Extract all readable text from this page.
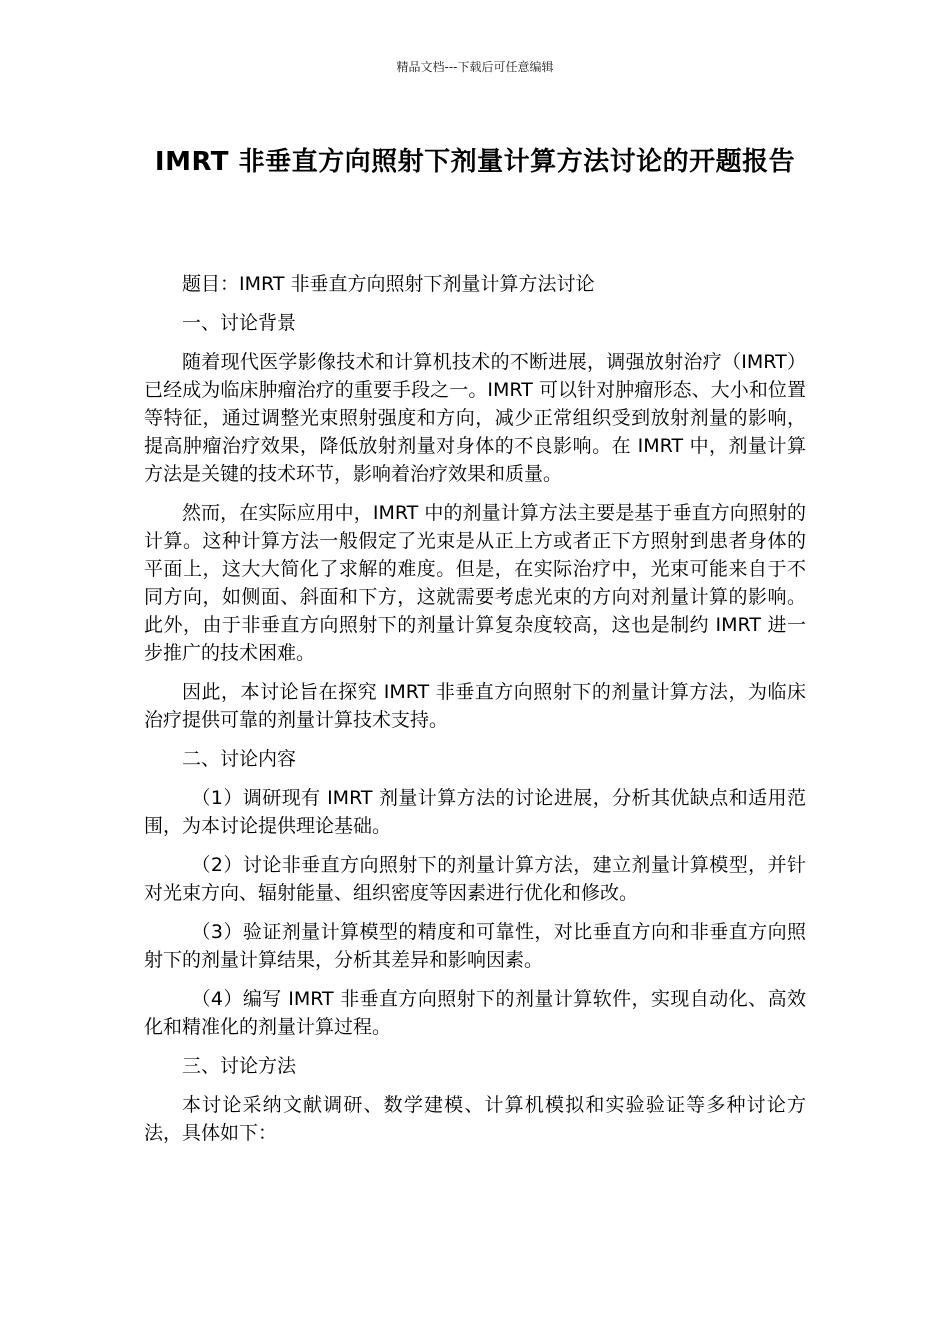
精品文档---下载后可任意编辑
IMRT 非垂直方向照射下剂量计算方法讨论的开题报告

题目：IMRT 非垂直方向照射下剂量计算方法讨论

一、讨论背景

随着现代医学影像技术和计算机技术的不断进展，调强放射治疗（IMRT）已经成为临床肿瘤治疗的重要手段之一。IMRT 可以针对肿瘤形态、大小和位置等特征，通过调整光束照射强度和方向，减少正常组织受到放射剂量的影响，提高肿瘤治疗效果，降低放射剂量对身体的不良影响。在 IMRT 中，剂量计算方法是关键的技术环节，影响着治疗效果和质量。

然而，在实际应用中，IMRT 中的剂量计算方法主要是基于垂直方向照射的计算。这种计算方法一般假定了光束是从正上方或者正下方照射到患者身体的平面上，这大大简化了求解的难度。但是，在实际治疗中，光束可能来自于不同方向，如侧面、斜面和下方，这就需要考虑光束的方向对剂量计算的影响。此外，由于非垂直方向照射下的剂量计算复杂度较高，这也是制约 IMRT 进一步推广的技术困难。

因此，本讨论旨在探究 IMRT 非垂直方向照射下的剂量计算方法，为临床治疗提供可靠的剂量计算技术支持。

二、讨论内容

（1）调研现有 IMRT 剂量计算方法的讨论进展，分析其优缺点和适用范围，为本讨论提供理论基础。

（2）讨论非垂直方向照射下的剂量计算方法，建立剂量计算模型，并针对光束方向、辐射能量、组织密度等因素进行优化和修改。

（3）验证剂量计算模型的精度和可靠性，对比垂直方向和非垂直方向照射下的剂量计算结果，分析其差异和影响因素。

（4）编写 IMRT 非垂直方向照射下的剂量计算软件，实现自动化、高效化和精准化的剂量计算过程。

三、讨论方法

本讨论采纳文献调研、数学建模、计算机模拟和实验验证等多种讨论方法，具体如下：
